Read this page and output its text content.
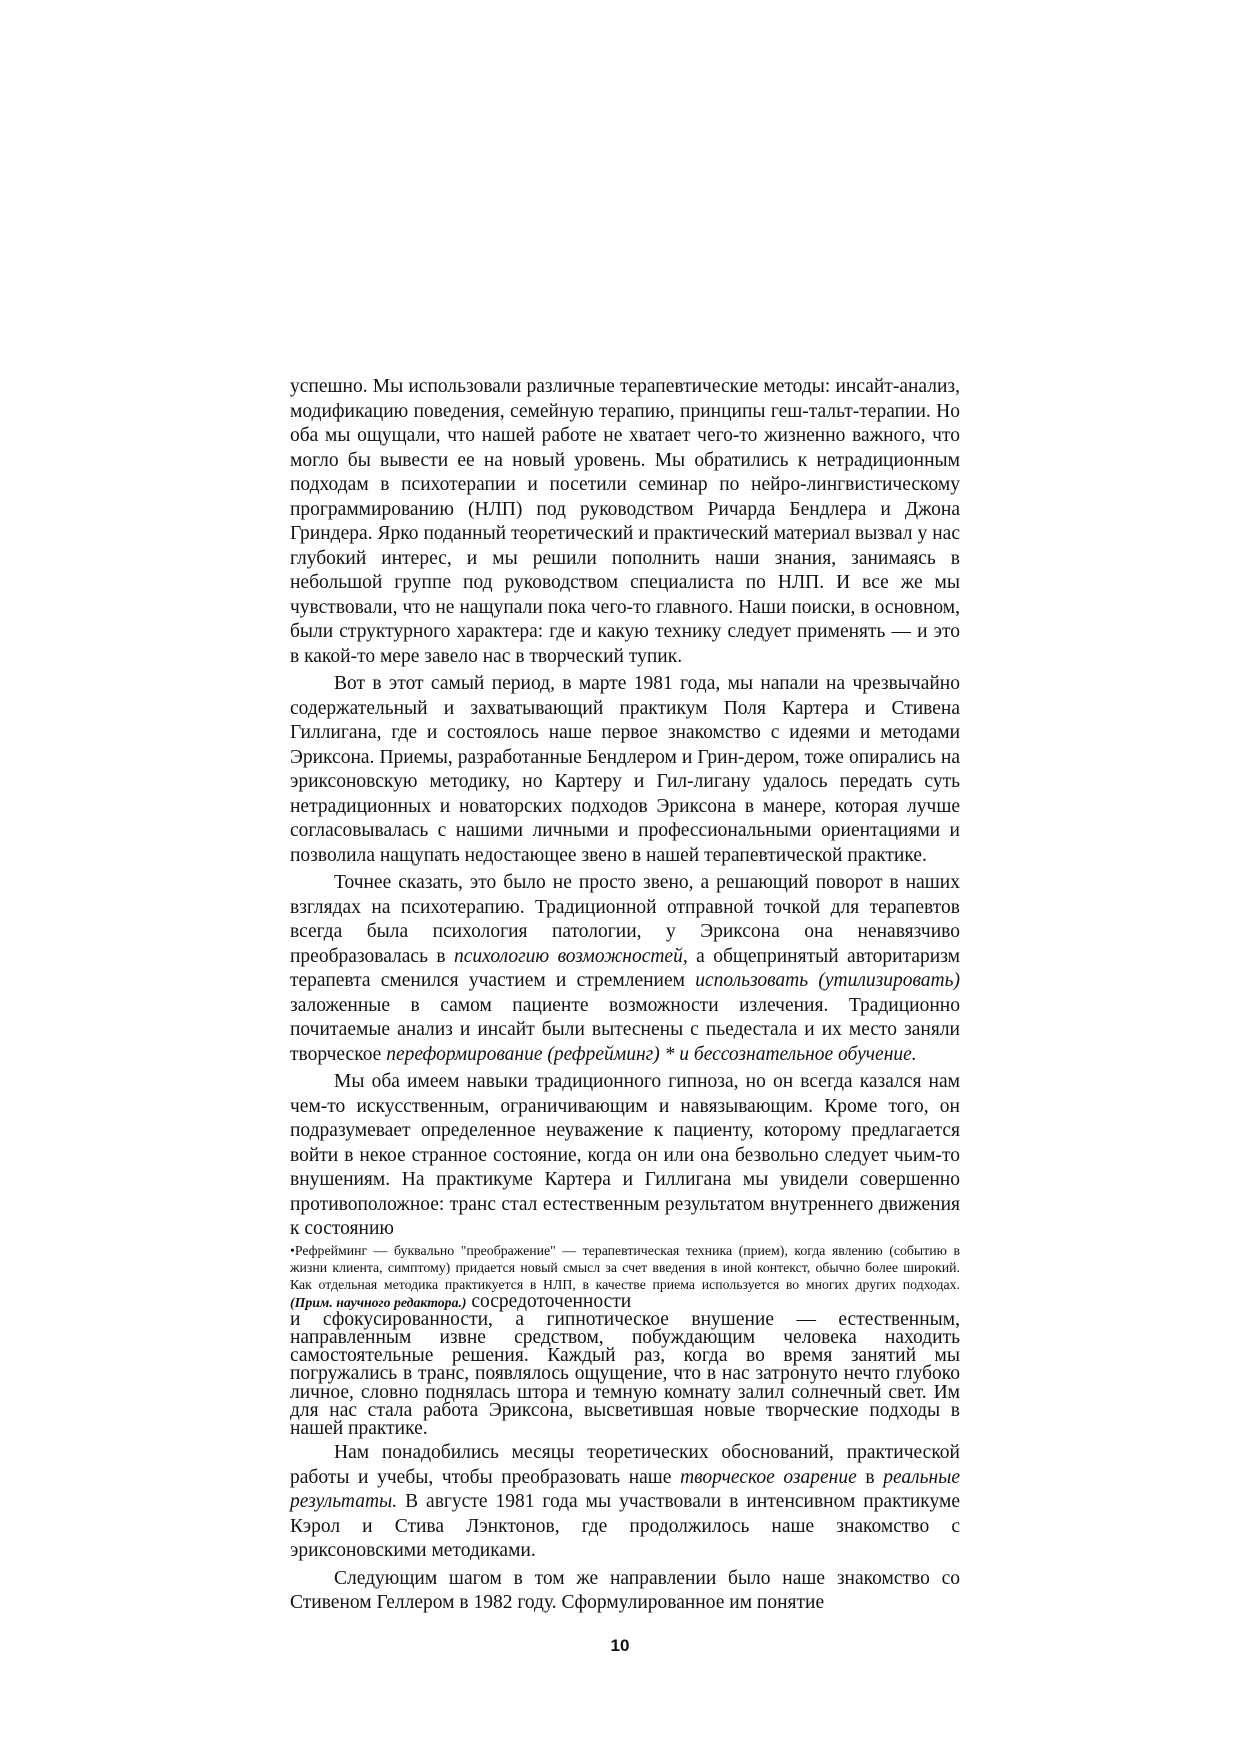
успешно. Мы использовали различные терапевтические методы: инсайт-анализ, модификацию поведения, семейную терапию, принципы геш-тальт-терапии. Но оба мы ощущали, что нашей работе не хватает чего-то жизненно важного, что могло бы вывести ее на новый уровень. Мы обратились к нетрадиционным подходам в психотерапии и посетили семинар по нейро-лингвистическому программированию (НЛП) под руководством Ричарда Бендлера и Джона Гриндера. Ярко поданный теоретический и практический материал вызвал у нас глубокий интерес, и мы решили пополнить наши знания, занимаясь в небольшой группе под руководством специалиста по НЛП. И все же мы чувствовали, что не нащупали пока чего-то главного. Наши поиски, в основном, были структурного характера: где и какую технику следует применять — и это в какой-то мере завело нас в творческий тупик.

Вот в этот самый период, в марте 1981 года, мы напали на чрезвычайно содержательный и захватывающий практикум Поля Картера и Стивена Гиллигана, где и состоялось наше первое знакомство с идеями и методами Эриксона. Приемы, разработанные Бендлером и Грин-дером, тоже опирались на эриксоновскую методику, но Картеру и Гил-лигану удалось передать суть нетрадиционных и новаторских подходов Эриксона в манере, которая лучше согласовывалась с нашими личными и профессиональными ориентациями и позволила нащупать недостающее звено в нашей терапевтической практике.

Точнее сказать, это было не просто звено, а решающий поворот в наших взглядах на психотерапию. Традиционной отправной точкой для терапевтов всегда была психология патологии, у Эриксона она ненавязчиво преобразовалась в психологию возможностей, а общепринятый авторитаризм терапевта сменился участием и стремлением использовать (утилизировать) заложенные в самом пациенте возможности излечения. Традиционно почитаемые анализ и инсайт были вытеснены с пьедестала и их место заняли творческое переформирование (рефрейминг) * и бессознательное обучение.

Мы оба имеем навыки традиционного гипноза, но он всегда казался нам чем-то искусственным, ограничивающим и навязывающим. Кроме того, он подразумевает определенное неуважение к пациенту, которому предлагается войти в некое странное состояние, когда он или она безвольно следует чьим-то внушениям. На практикуме Картера и Гиллигана мы увидели совершенно противоположное: транс стал естественным результатом внутреннего движения к состоянию

•Рефрейминг — буквально "преображение" — терапевтическая техника (прием), когда явлению (событию в жизни клиента, симптому) придается новый смысл за счет введения в иной контекст, обычно более широкий. Как отдельная методика практикуется в НЛП, в качестве приема используется во многих других подходах. (Прим. научного редактора.) сосредоточенности

и сфокусированности, а гипнотическое внушение — естественным, направленным извне средством, побуждающим человека находить самостоятельные решения. Каждый раз, когда во время занятий мы погружались в транс, появлялось ощущение, что в нас затронуто нечто глубоко личное, словно поднялась штора и темную комнату залил солнечный свет. Им для нас стала работа Эриксона, высветившая новые творческие подходы в нашей практике.

Нам понадобились месяцы теоретических обоснований, практической работы и учебы, чтобы преобразовать наше творческое озарение в реальные результаты. В августе 1981 года мы участвовали в интенсивном практикуме Кэрол и Стива Лэнктонов, где продолжилось наше знакомство с эриксоновскими методиками.

Следующим шагом в том же направлении было наше знакомство со Стивеном Геллером в 1982 году. Сформулированное им понятие

10
